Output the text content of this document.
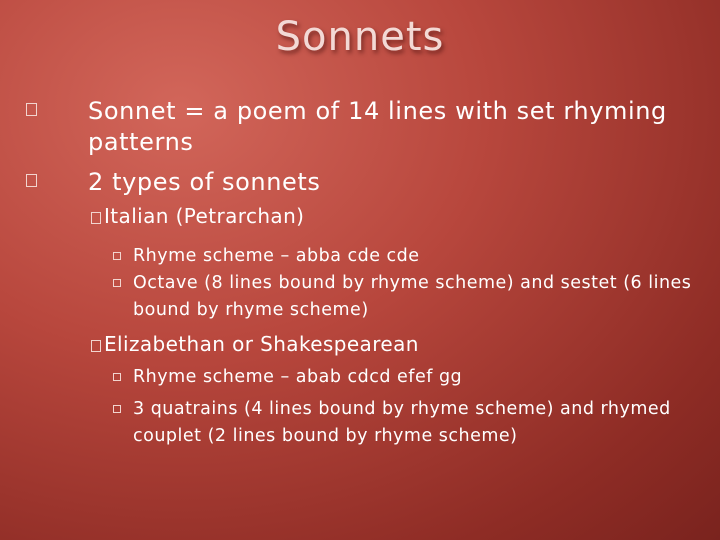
Sonnets
Sonnet = a poem of 14 lines with set rhyming patterns
2 types of sonnets
Italian (Petrarchan)
Rhyme scheme – abba cde cde
Octave (8 lines bound by rhyme scheme) and sestet (6 lines bound by rhyme scheme)
Elizabethan or Shakespearean
Rhyme scheme – abab cdcd efef gg
3 quatrains (4 lines bound by rhyme scheme) and rhymed couplet (2 lines bound by rhyme scheme)
